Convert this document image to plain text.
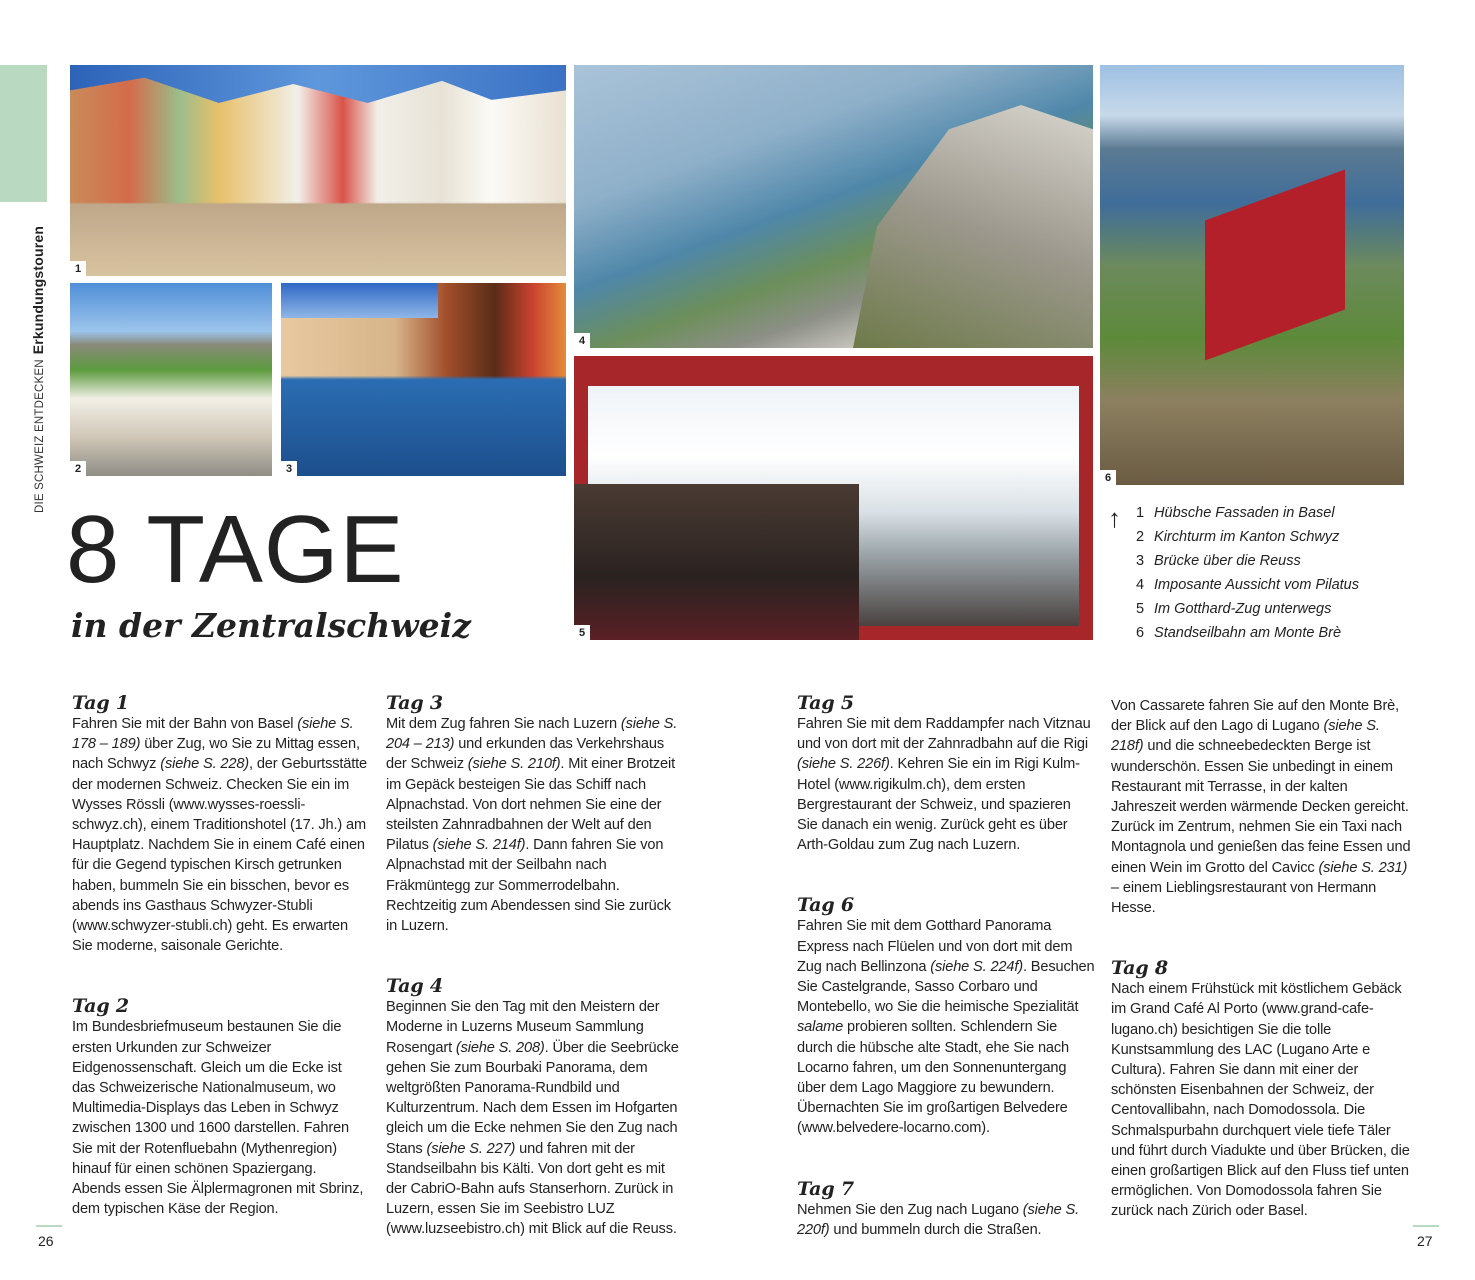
DIE SCHWEIZ ENTDECKENErkundungstouren	1
2	3
4
5
6
↑ 1 Hübsche Fassaden in Basel
2 Kirchturm im Kanton Schwyz
3 Brücke über die Reuss
4 Imposante Aussicht vom Pilatus
5 Im Gotthard-Zug unterwegs
6 Standseilbahn am Monte Brè
8 TAGE
in der Zentralschweiz
Tag 1

Fahren Sie mit der Bahn von Basel (siehe S. 178 – 189) über Zug, wo Sie zu Mittag essen, nach Schwyz (siehe S. 228), der Geburtsstätte der modernen Schweiz. Checken Sie ein im Wysses Rössli (www.wysses-roessli-schwyz.ch), einem Traditionshotel (17. Jh.) am Hauptplatz. Nachdem Sie in einem Café einen für die Gegend typischen Kirsch getrunken haben, bummeln Sie ein bisschen, bevor es abends ins Gasthaus Schwyzer-Stubli (www.schwyzer-stubli.ch) geht. Es erwarten Sie moderne, saisonale Gerichte.

Tag 2

Im Bundesbriefmuseum bestaunen Sie die ersten Urkunden zur Schweizer Eidgenossenschaft. Gleich um die Ecke ist das Schweizerische Nationalmuseum, wo Multimedia-Displays das Leben in Schwyz zwischen 1300 und 1600 darstellen. Fahren Sie mit der Rotenfluebahn (Mythenregion) hinauf für einen schönen Spaziergang. Abends essen Sie Älplermagronen mit Sbrinz, dem typischen Käse der Region.

Tag 3

Mit dem Zug fahren Sie nach Luzern (siehe S. 204 – 213) und erkunden das Verkehrshaus der Schweiz (siehe S. 210f). Mit einer Brotzeit im Gepäck besteigen Sie das Schiff nach Alpnachstad. Von dort nehmen Sie eine der steilsten Zahnradbahnen der Welt auf den Pilatus (siehe S. 214f). Dann fahren Sie von Alpnachstad mit der Seilbahn nach Fräkmüntegg zur Sommerrodelbahn. Rechtzeitig zum Abendessen sind Sie zurück in Luzern.

Tag 4

Beginnen Sie den Tag mit den Meistern der Moderne in Luzerns Museum Sammlung Rosengart (siehe S. 208). Über die Seebrücke gehen Sie zum Bourbaki Panorama, dem weltgrößten Panorama-Rundbild und Kulturzentrum. Nach dem Essen im Hofgarten gleich um die Ecke nehmen Sie den Zug nach Stans (siehe S. 227) und fahren mit der Standseilbahn bis Kälti. Von dort geht es mit der CabriO-Bahn aufs Stanserhorn. Zurück in Luzern, essen Sie im Seebistro LUZ (www.luzseebistro.ch) mit Blick auf die Reuss.

Tag 5

Fahren Sie mit dem Raddampfer nach Vitznau und von dort mit der Zahnradbahn auf die Rigi (siehe S. 226f). Kehren Sie ein im Rigi Kulm-Hotel (www.rigikulm.ch), dem ersten Bergrestaurant der Schweiz, und spazieren Sie danach ein wenig. Zurück geht es über Arth-Goldau zum Zug nach Luzern.

Tag 6

Fahren Sie mit dem Gotthard Panorama Express nach Flüelen und von dort mit dem Zug nach Bellinzona (siehe S. 224f). Besuchen Sie Castelgrande, Sasso Corbaro und Montebello, wo Sie die heimische Spezialität salame probieren sollten. Schlendern Sie durch die hübsche alte Stadt, ehe Sie nach Locarno fahren, um den Sonnenuntergang über dem Lago Maggiore zu bewundern. Übernachten Sie im großartigen Belvedere (www.belvedere-locarno.com).

Tag 7

Nehmen Sie den Zug nach Lugano (siehe S. 220f) und bummeln durch die Straßen.

Von Cassarete fahren Sie auf den Monte Brè, der Blick auf den Lago di Lugano (siehe S. 218f) und die schneebedeckten Berge ist wunderschön. Essen Sie unbedingt in einem Restaurant mit Terrasse, in der kalten Jahreszeit werden wärmende Decken gereicht. Zurück im Zentrum, nehmen Sie ein Taxi nach Montagnola und genießen das feine Essen und einen Wein im Grotto del Cavicc (siehe S. 231) – einem Lieblingsrestaurant von Hermann Hesse.

Tag 8

Nach einem Frühstück mit köstlichem Gebäck im Grand Café Al Porto (www.grand-cafe-lugano.ch) besichtigen Sie die tolle Kunstsammlung des LAC (Lugano Arte e Cultura). Fahren Sie dann mit einer der schönsten Eisenbahnen der Schweiz, der Centovallibahn, nach Domodossola. Die Schmalspurbahn durchquert viele tiefe Täler und führt durch Viadukte und über Brücken, die einen großartigen Blick auf den Fluss tief unten ermöglichen. Von Domodossola fahren Sie zurück nach Zürich oder Basel.

26	27
